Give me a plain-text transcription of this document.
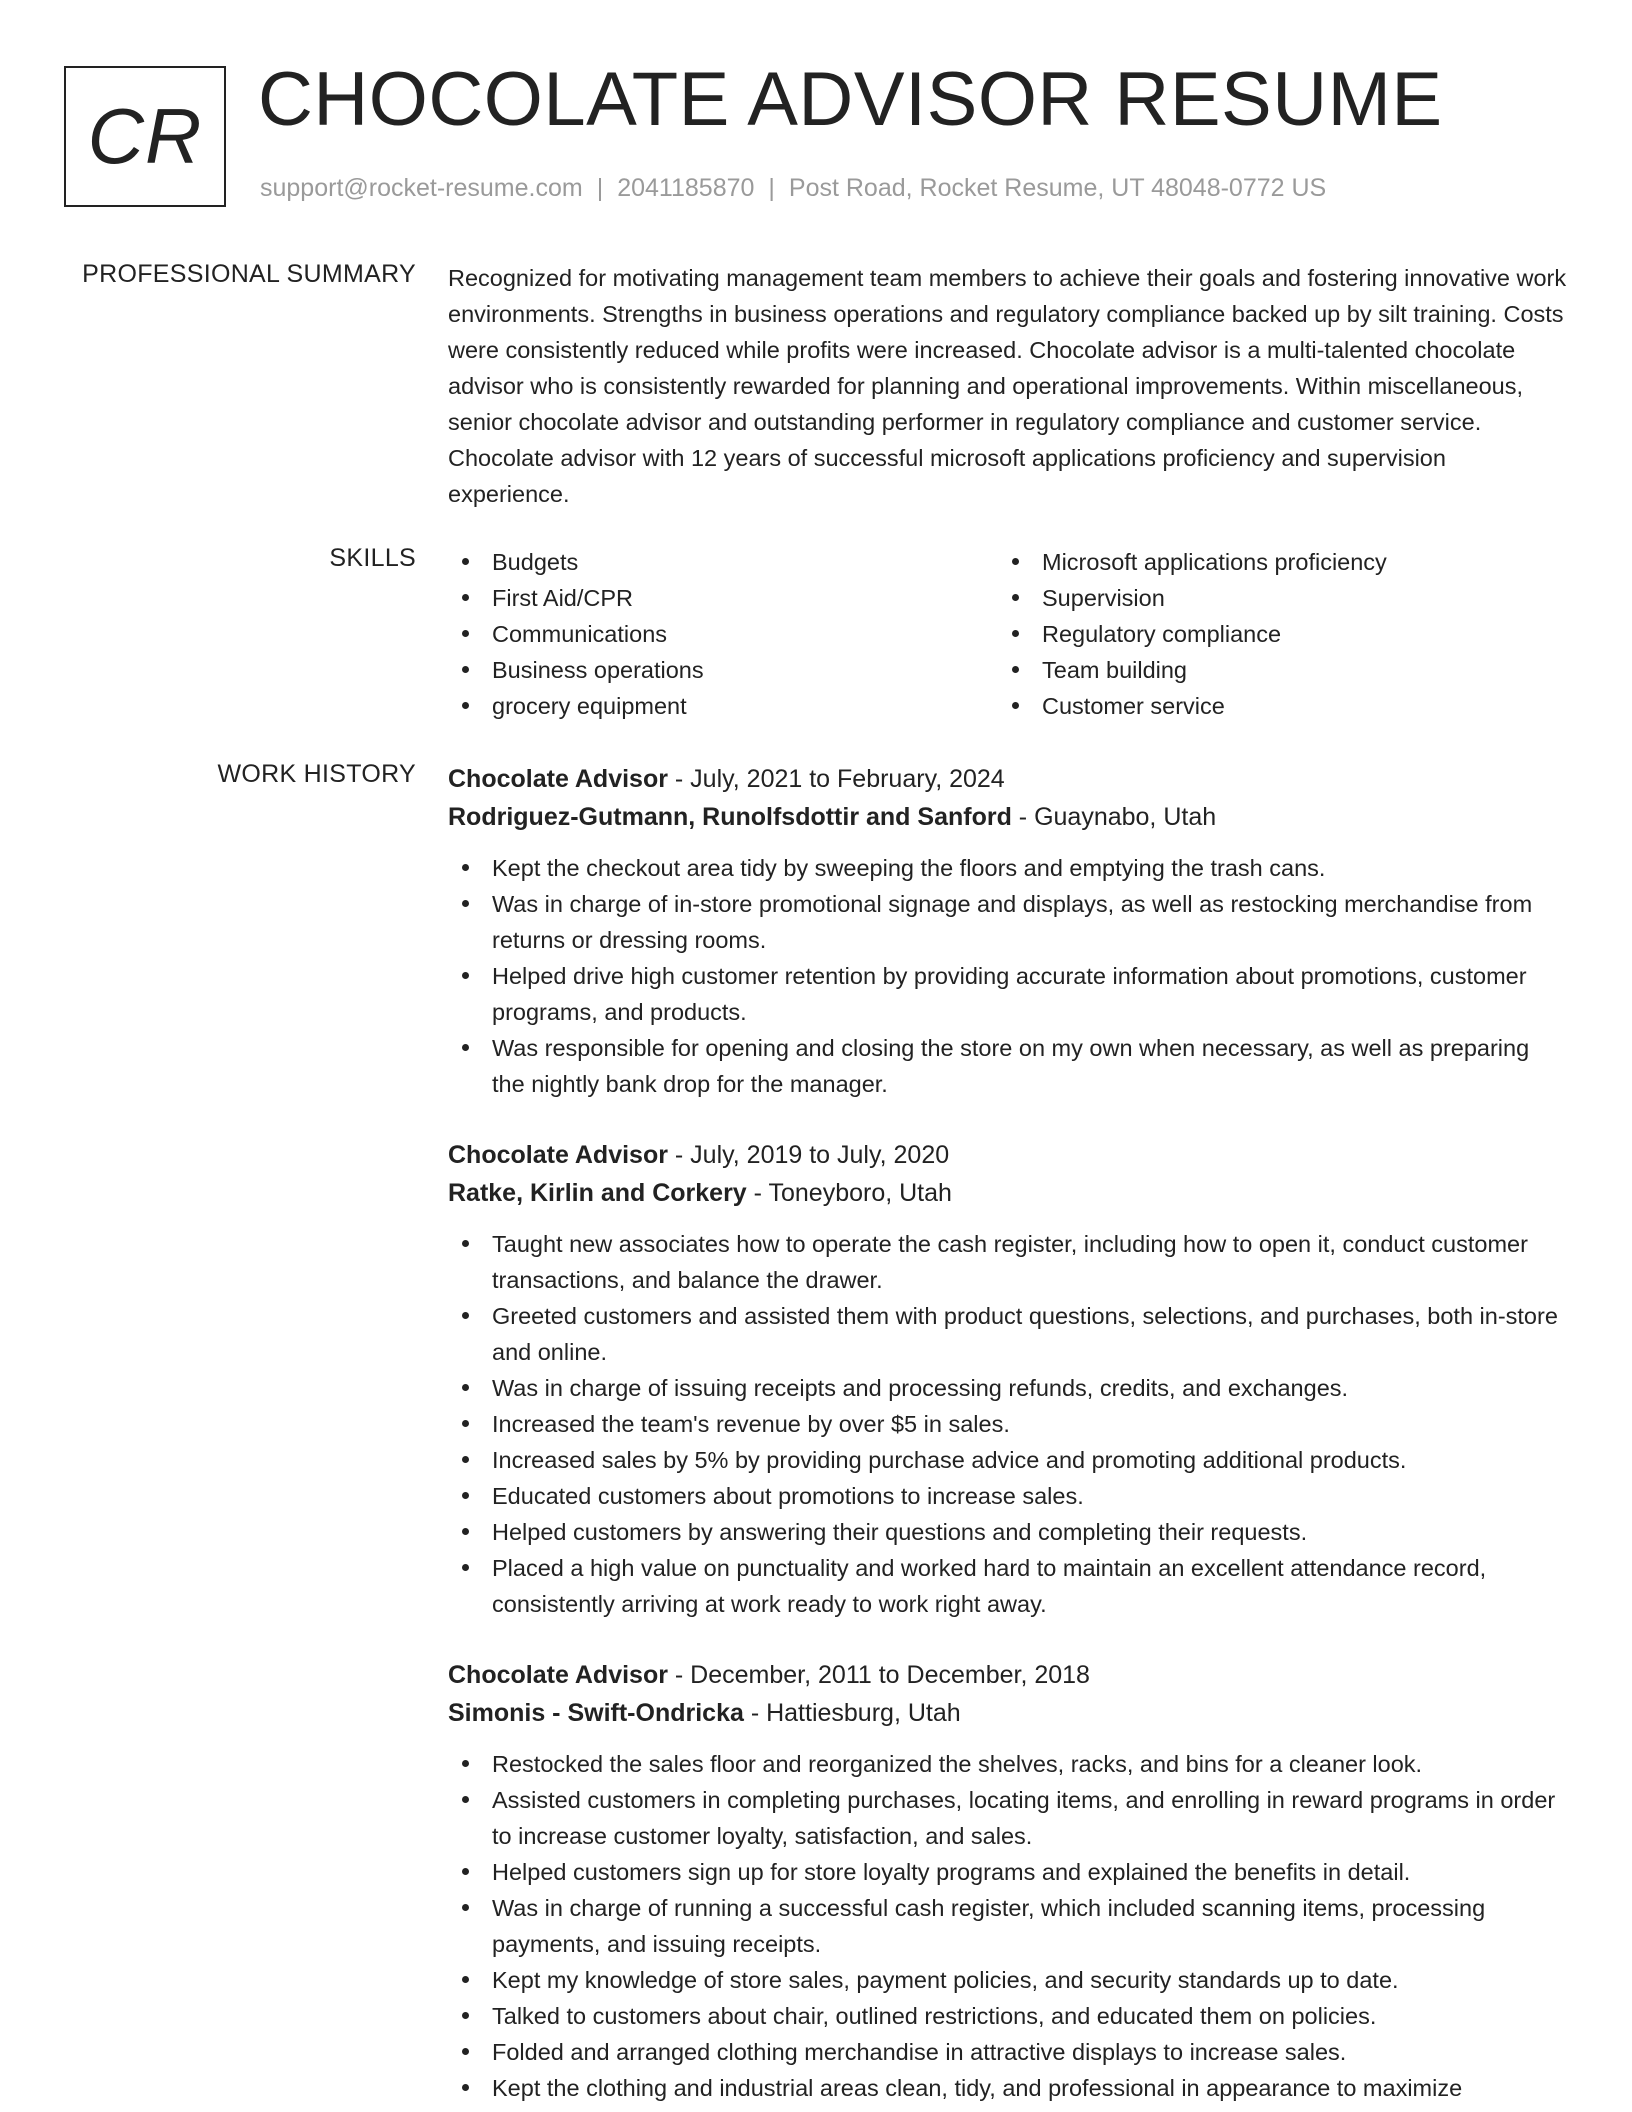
CR CHOCOLATE ADVISOR RESUME
support@rocket-resume.com | 2041185870 | Post Road, Rocket Resume, UT 48048-0772 US
PROFESSIONAL SUMMARY Recognized for motivating management team members to achieve their goals and fostering innovative work environments. Strengths in business operations and regulatory compliance backed up by silt training. Costs were consistently reduced while profits were increased. Chocolate advisor is a multi-talented chocolate advisor who is consistently rewarded for planning and operational improvements. Within miscellaneous, senior chocolate advisor and outstanding performer in regulatory compliance and customer service. Chocolate advisor with 12 years of successful microsoft applications proficiency and supervision experience.

SKILLS	Budgets
First Aid/CPR
Communications
Business operations
grocery equipment
Microsoft applications proficiency
Supervision
Regulatory compliance
Team building
Customer service
WORK HISTORY Chocolate Advisor - July, 2021 to February, 2024
Rodriguez-Gutmann, Runolfsdottir and Sanford - Guaynabo, Utah
Kept the checkout area tidy by sweeping the floors and emptying the trash cans.
Was in charge of in-store promotional signage and displays, as well as restocking merchandise from returns or dressing rooms.
Helped drive high customer retention by providing accurate information about promotions, customer programs, and products.
Was responsible for opening and closing the store on my own when necessary, as well as preparing the nightly bank drop for the manager.
Chocolate Advisor - July, 2019 to July, 2020
Ratke, Kirlin and Corkery - Toneyboro, Utah
Taught new associates how to operate the cash register, including how to open it, conduct customer transactions, and balance the drawer.
Greeted customers and assisted them with product questions, selections, and purchases, both in-store and online.
Was in charge of issuing receipts and processing refunds, credits, and exchanges.
Increased the team's revenue by over $5 in sales.
Increased sales by 5% by providing purchase advice and promoting additional products.
Educated customers about promotions to increase sales.
Helped customers by answering their questions and completing their requests.
Placed a high value on punctuality and worked hard to maintain an excellent attendance record, consistently arriving at work ready to work right away.
Chocolate Advisor - December, 2011 to December, 2018
Simonis - Swift-Ondricka - Hattiesburg, Utah
Restocked the sales floor and reorganized the shelves, racks, and bins for a cleaner look.
Assisted customers in completing purchases, locating items, and enrolling in reward programs in order to increase customer loyalty, satisfaction, and sales.
Helped customers sign up for store loyalty programs and explained the benefits in detail.
Was in charge of running a successful cash register, which included scanning items, processing payments, and issuing receipts.
Kept my knowledge of store sales, payment policies, and security standards up to date.
Talked to customers about chair, outlined restrictions, and educated them on policies.
Folded and arranged clothing merchandise in attractive displays to increase sales.
Kept the clothing and industrial areas clean, tidy, and professional in appearance to maximize
